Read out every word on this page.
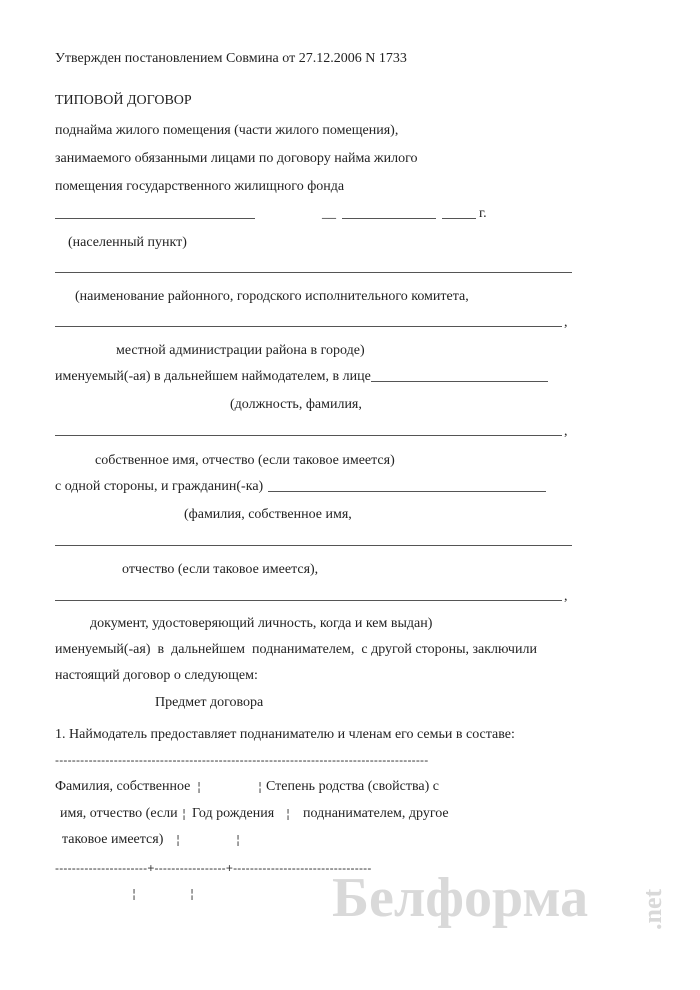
Утвержден постановлением Совмина от 27.12.2006 N 1733
ТИПОВОЙ ДОГОВОР
поднайма жилого помещения (части жилого помещения),
занимаемого обязанными лицами по договору найма жилого
помещения государственного жилищного фонда
__	г.
(населенный пункт)
(наименование районного, городского исполнительного комитета,
,
местной администрации района в городе)
именуемый(-ая) в дальнейшем наймодателем, в лице
(должность, фамилия,
,
собственное имя, отчество (если таковое имеется)
с одной стороны, и гражданин(-ка)
(фамилия, собственное имя,
отчество (если таковое имеется),
,
документ, удостоверяющий личность, когда и кем выдан)
именуемый(-ая)  в  дальнейшем  поднанимателем,  с другой стороны, заключили
настоящий договор о следующем:
Предмет договора
1. Наймодатель предоставляет поднанимателю и членам его семьи в составе:
-----------------------------------------------------------------------------------------
Фамилия, собственное ¦	¦ Степень родства (свойства) с
имя, отчество (если ¦ Год рождения ¦ поднанимателем, другое
таковое имеется) ¦	¦
----------------------+-----------------+---------------------------------
¦	¦ Белформа .net
